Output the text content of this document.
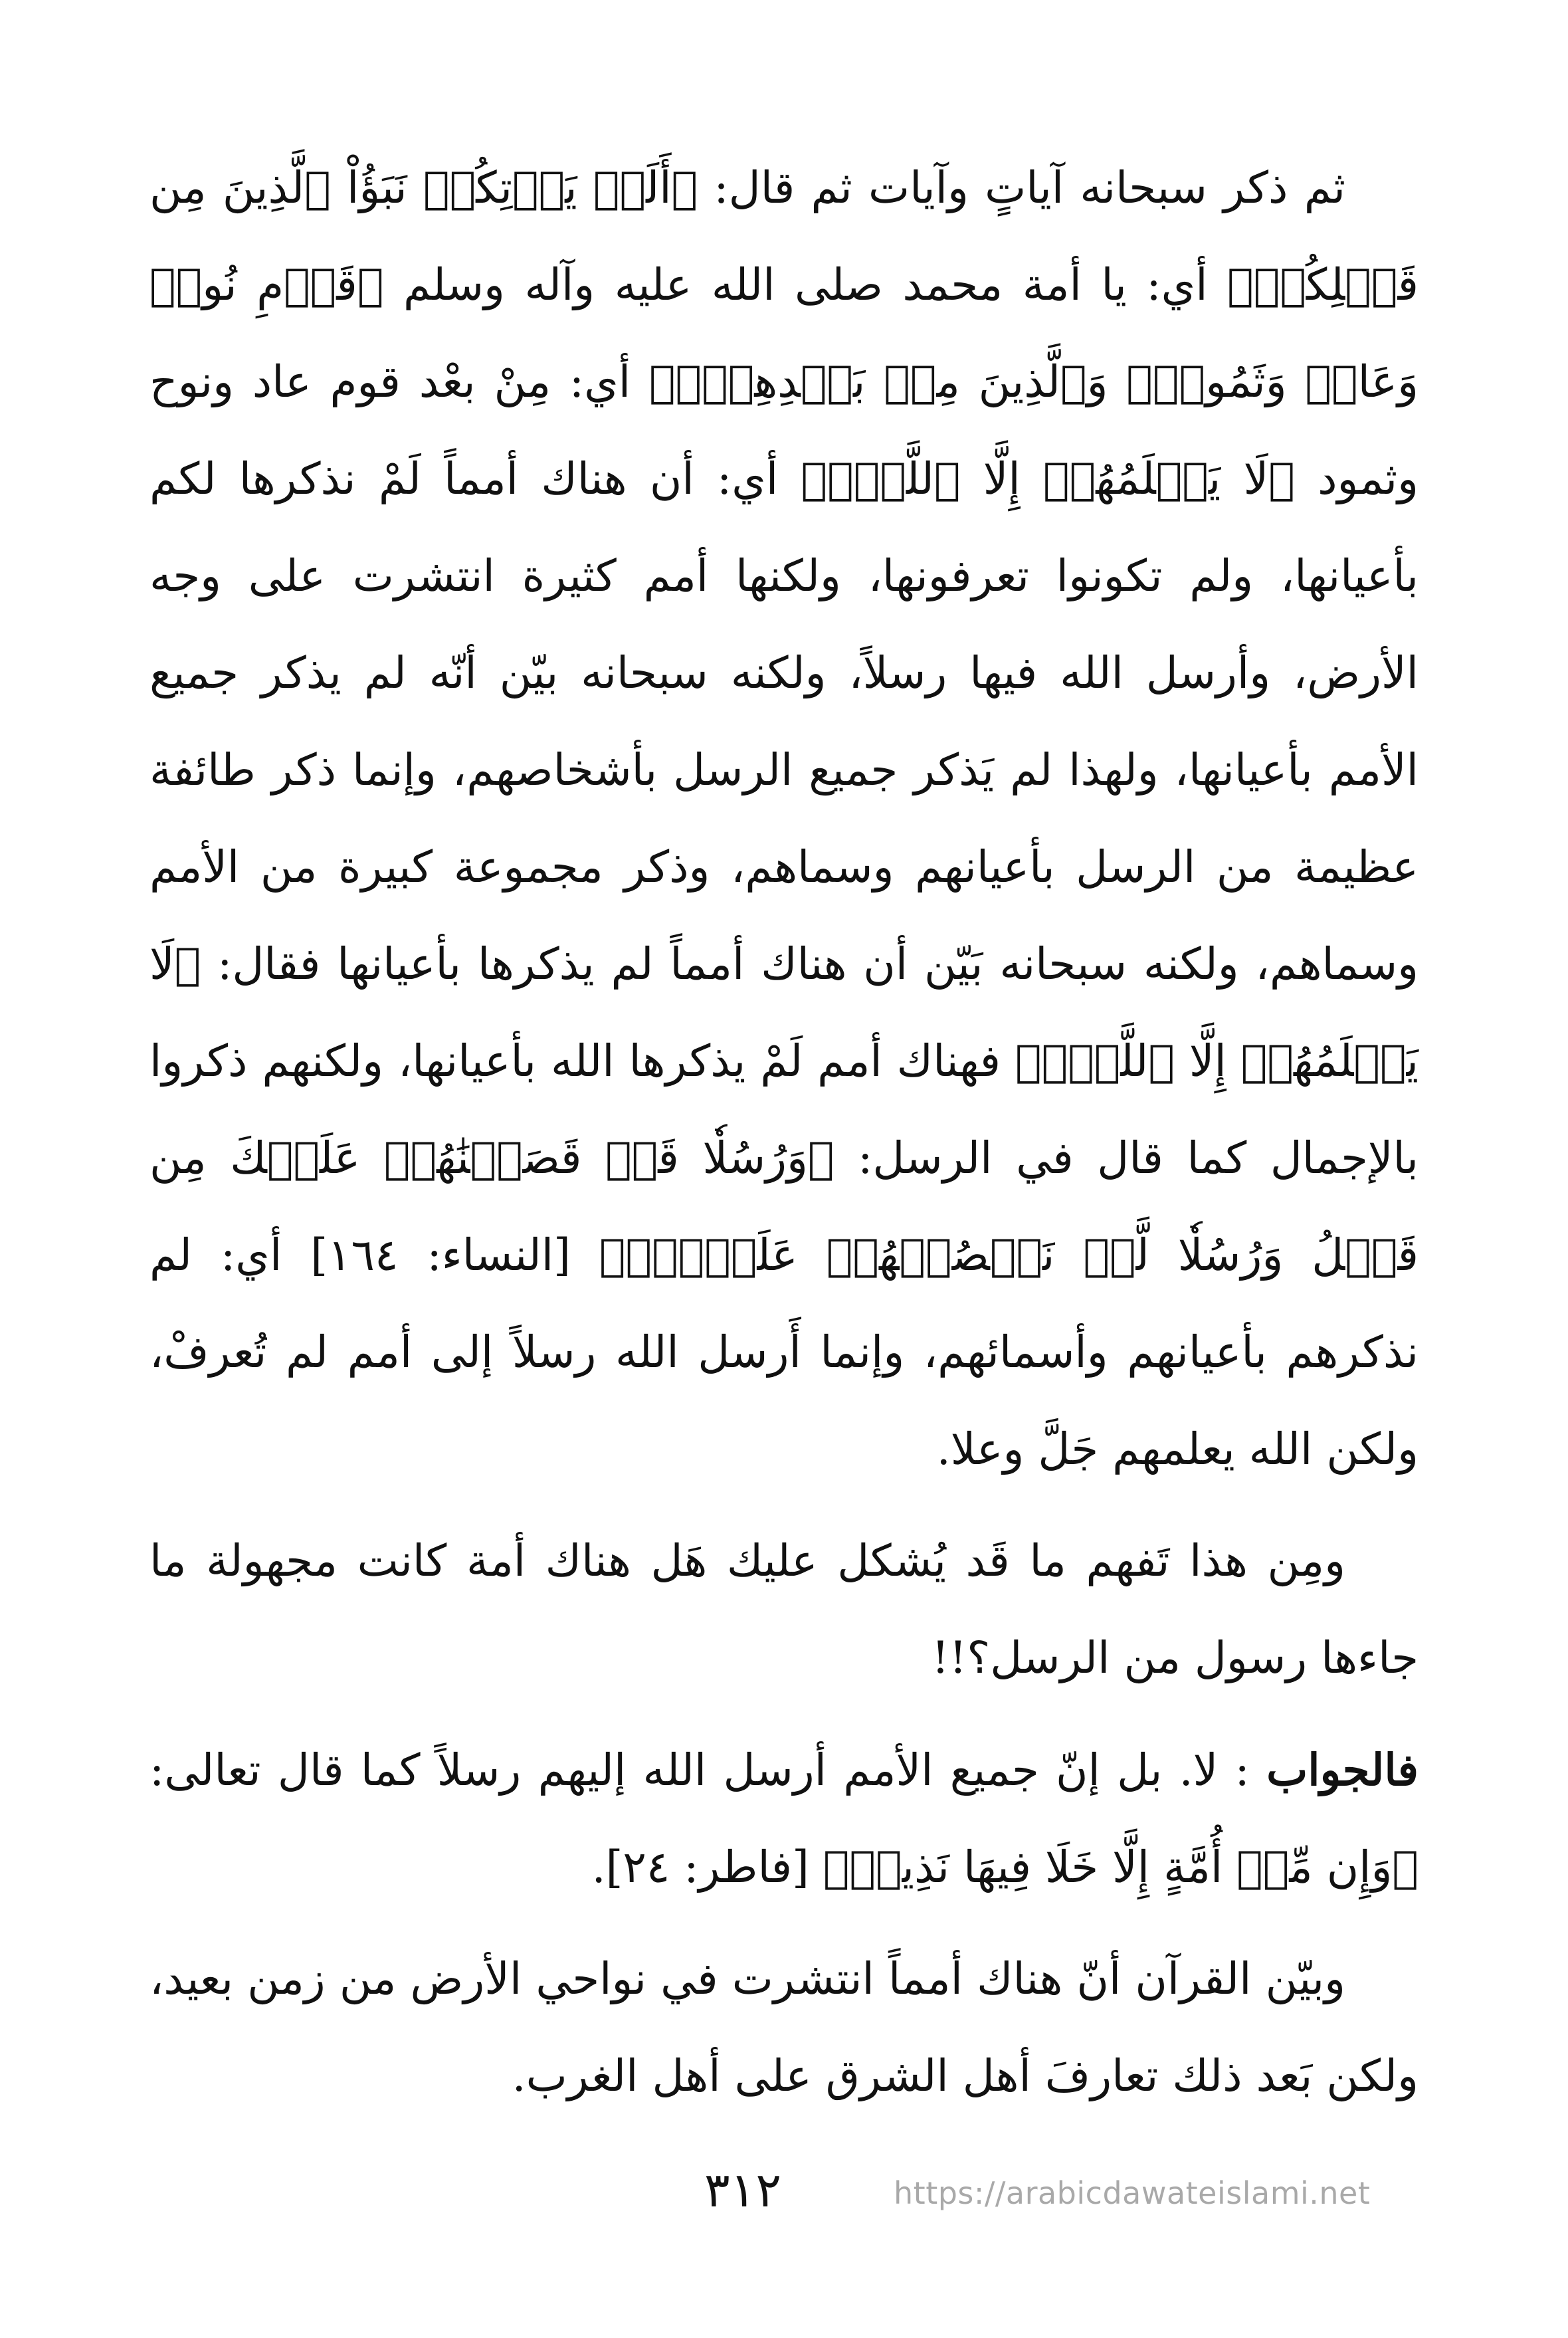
ثم ذكر سبحانه آياتٍ وآيات ثم قال: ﴿أَلَمۡ يَأۡتِكُمۡ نَبَؤُاْ ٱلَّذِينَ مِن قَبۡلِكُمۡ﴾ أي: يا أمة محمد صلى الله عليه وآله وسلم ﴿قَوۡمِ نُوحٖ وَعَادٖ وَثَمُودَۛ وَٱلَّذِينَ مِنۢ بَعۡدِهِمۡۛ﴾ أي: مِنْ بعْد قوم عاد ونوح وثمود ﴿لَا يَعۡلَمُهُمۡ إِلَّا ٱللَّهُۚ﴾ أي: أن هناك أمماً لَمْ نذكرها لكم بأعيانها، ولم تكونوا تعرفونها، ولكنها أمم كثيرة انتشرت على وجه الأرض، وأرسل الله فيها رسلاً، ولكنه سبحانه بيّن أنّه لم يذكر جميع الأمم بأعيانها، ولهذا لم يَذكر جميع الرسل بأشخاصهم، وإنما ذكر طائفة عظيمة من الرسل بأعيانهم وسماهم، وذكر مجموعة كبيرة من الأمم وسماهم، ولكنه سبحانه بَيّن أن هناك أمماً لم يذكرها بأعيانها فقال: ﴿لَا يَعۡلَمُهُمۡ إِلَّا ٱللَّهُۚ﴾ فهناك أمم لَمْ يذكرها الله بأعيانها، ولكنهم ذكروا بالإجمال كما قال في الرسل: ﴿وَرُسُلٗا قَدۡ قَصَصۡنَٰهُمۡ عَلَيۡكَ مِن قَبۡلُ وَرُسُلٗا لَّمۡ نَقۡصُصۡهُمۡ عَلَيۡكَۚ﴾ [النساء: ١٦٤] أي: لم نذكرهم بأعيانهم وأسمائهم، وإنما أَرسل الله رسلاً إلى أمم لم تُعرفْ، ولكن الله يعلمهم جَلَّ وعلا.

ومِن هذا تَفهم ما قَد يُشكل عليك هَل هناك أمة كانت مجهولة ما جاءها رسول من الرسل؟!!

فالجواب : لا. بل إنّ جميع الأمم أرسل الله إليهم رسلاً كما قال تعالى: ﴿وَإِن مِّنۡ أُمَّةٍ إِلَّا خَلَا فِيهَا نَذِيرٞ﴾ [فاطر: ٢٤].

وبيّن القرآن أنّ هناك أمماً انتشرت في نواحي الأرض من زمن بعيد، ولكن بَعد ذلك تعارفَ أهل الشرق على أهل الغرب.

٣١٢	https://arabicdawateislami.net
